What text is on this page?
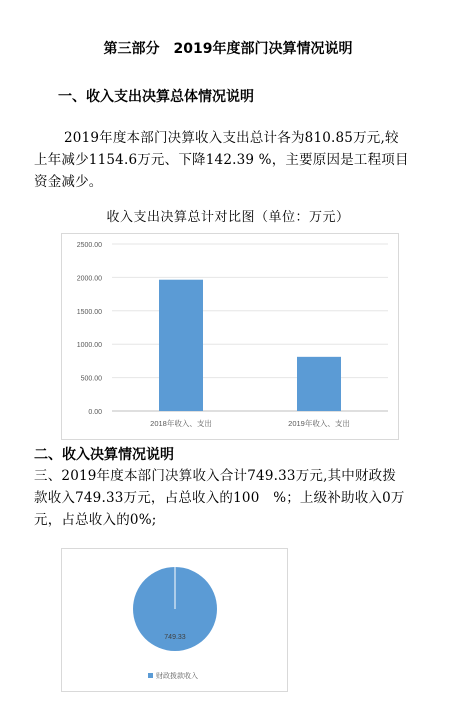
第三部分　2019年度部门决算情况说明
一、收入支出决算总体情况说明
2019年度本部门决算收入支出总计各为810.85万元,较
上年减少1154.6万元、下降142.39 %，主要原因是工程项目
资金减少。
收入支出决算总计对比图（单位：万元）
0.00
500.00
1000.00
1500.00
2000.00
2500.00
2018年收入、支出	2019年收入、支出
二、收入决算情况说明
三、2019年度本部门决算收入合计749.33万元,其中财政拨
款收入749.33万元，占总收入的100　%；上级补助收入0万
元，占总收入的0%;
749.33
财政拨款收入
